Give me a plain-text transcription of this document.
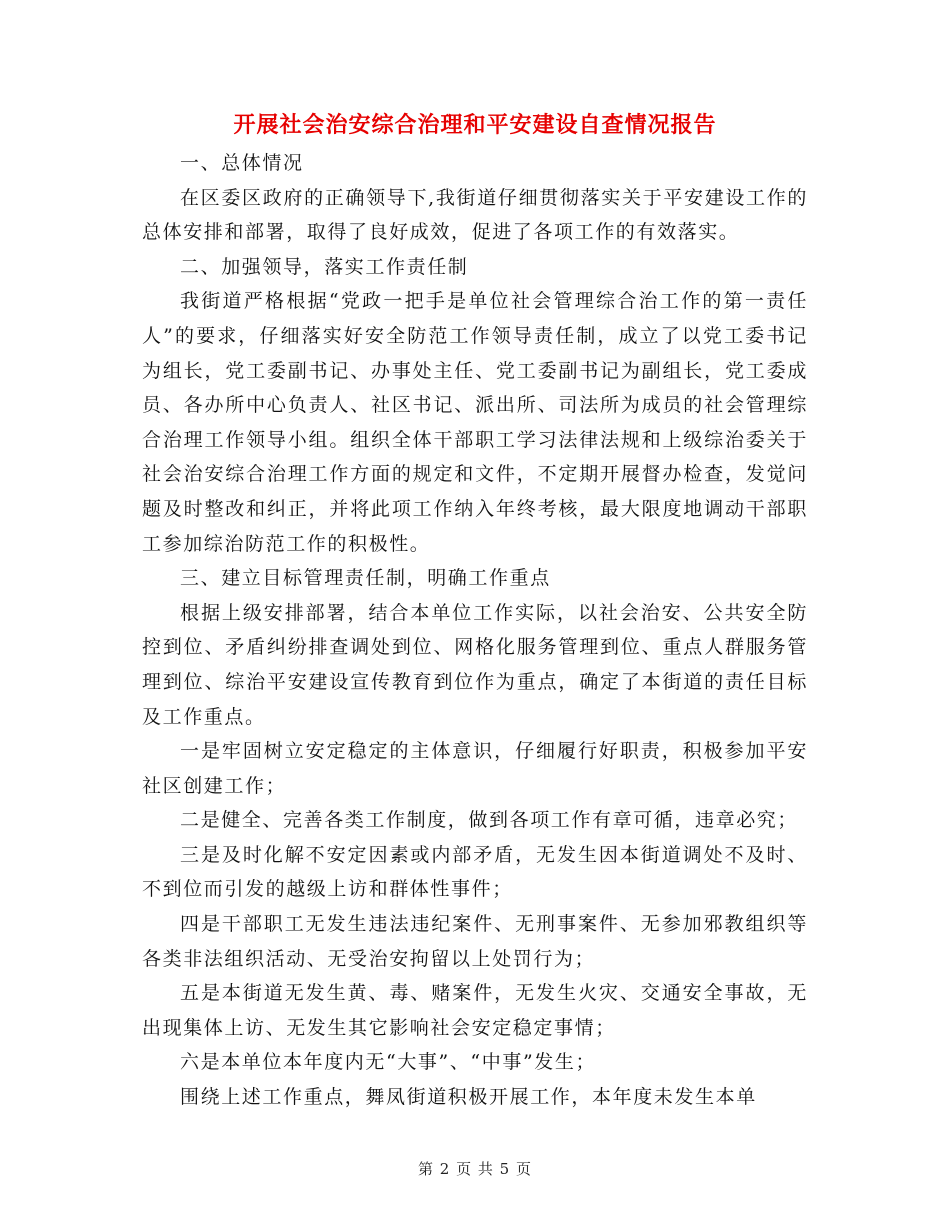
开展社会治安综合治理和平安建设自查情况报告

一、总体情况

在区委区政府的正确领导下,我街道仔细贯彻落实关于平安建设工作的总体安排和部署，取得了良好成效，促进了各项工作的有效落实。

二、加强领导，落实工作责任制

我街道严格根据“党政一把手是单位社会管理综合治工作的第一责任人”的要求，仔细落实好安全防范工作领导责任制，成立了以党工委书记为组长，党工委副书记、办事处主任、党工委副书记为副组长，党工委成员、各办所中心负责人、社区书记、派出所、司法所为成员的社会管理综合治理工作领导小组。组织全体干部职工学习法律法规和上级综治委关于社会治安综合治理工作方面的规定和文件，不定期开展督办检查，发觉问题及时整改和纠正，并将此项工作纳入年终考核，最大限度地调动干部职工参加综治防范工作的积极性。

三、建立目标管理责任制，明确工作重点

根据上级安排部署，结合本单位工作实际，以社会治安、公共安全防控到位、矛盾纠纷排查调处到位、网格化服务管理到位、重点人群服务管理到位、综治平安建设宣传教育到位作为重点，确定了本街道的责任目标及工作重点。

一是牢固树立安定稳定的主体意识，仔细履行好职责，积极参加平安社区创建工作；

二是健全、完善各类工作制度，做到各项工作有章可循，违章必究；

三是及时化解不安定因素或内部矛盾，无发生因本街道调处不及时、不到位而引发的越级上访和群体性事件；

四是干部职工无发生违法违纪案件、无刑事案件、无参加邪教组织等各类非法组织活动、无受治安拘留以上处罚行为；

五是本街道无发生黄、毒、赌案件，无发生火灾、交通安全事故，无出现集体上访、无发生其它影响社会安定稳定事情；

六是本单位本年度内无“大事”、“中事”发生；

围绕上述工作重点，舞凤街道积极开展工作，本年度未发生本单

第 2 页 共 5 页
